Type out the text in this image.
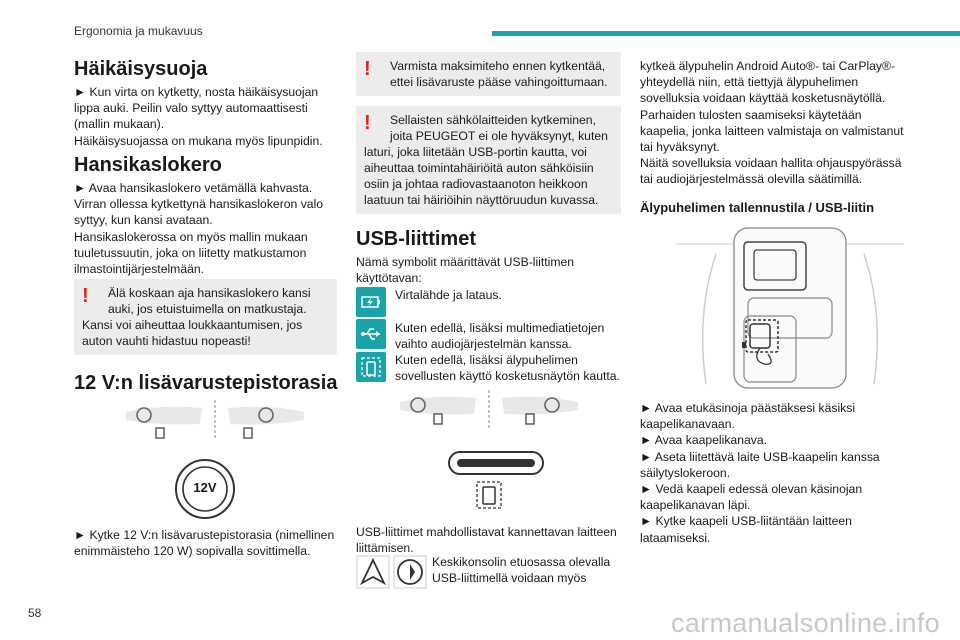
Ergonomia ja mukavuus
Häikäisysuoja

► Kun virta on kytketty, nosta häikäisysuojan

lippa auki. Peilin valo syttyy automaattisesti

(mallin mukaan).

Häikäisysuojassa on mukana myös lipunpidin.

Hansikaslokero

► Avaa hansikaslokero vetämällä kahvasta.

Virran ollessa kytkettynä hansikaslokeron valo

syttyy, kun kansi avataan.

Hansikaslokerossa on myös mallin mukaan

tuuletussuutin, joka on liitetty matkustamon

ilmastointijärjestelmään.

! Älä koskaan aja hansikaslokero kansi
auki, jos etuistuimella on matkustaja.
Kansi voi aiheuttaa loukkaantumisen, jos
auton vauhti hidastuu nopeasti!
12 V:n lisävarustepistorasia
12V

► Kytke 12 V:n lisävarustepistorasia (nimellinen

enimmäisteho 120 W) sopivalla sovittimella.

! Varmista maksimiteho ennen kytkentää,
ettei lisävaruste pääse vahingoittumaan.
! Sellaisten sähkölaitteiden kytkeminen,
joita PEUGEOT ei ole hyväksynyt, kuten
laturi, joka liitetään USB-portin kautta, voi
aiheuttaa toimintahäiriöitä auton sähköisiin
osiin ja johtaa radiovastaanoton heikkoon
laatuun tai häiriöihin näyttöruudun kuvassa.
USB-liittimet

Nämä symbolit määrittävät USB-liittimen

käyttötavan:

Virtalähde ja lataus.

Kuten edellä, lisäksi multimediatietojen

vaihto audiojärjestelmän kanssa.

Kuten edellä, lisäksi älypuhelimen

sovellusten käyttö kosketusnäytön kautta.

USB-liittimet mahdollistavat kannettavan laitteen

liittämisen.

Keskikonsolin etuosassa olevalla

USB-liittimellä voidaan myös

kytkeä älypuhelin Android Auto®- tai CarPlay®-

yhteydellä niin, että tiettyjä älypuhelimen

sovelluksia voidaan käyttää kosketusnäytöllä.

Parhaiden tulosten saamiseksi käytetään

kaapelia, jonka laitteen valmistaja on valmistanut

tai hyväksynyt.

Näitä sovelluksia voidaan hallita ohjauspyörässä

tai audiojärjestelmässä olevilla säätimillä.

Älypuhelimen tallennustila / USB-liitin

► Avaa etukäsinoja päästäksesi käsiksi

kaapelikanavaan.

► Avaa kaapelikanava.

► Aseta liitettävä laite USB-kaapelin kanssa

säilytyslokeroon.

► Vedä kaapeli edessä olevan käsinojan

kaapelikanavan läpi.

► Kytke kaapeli USB-liitäntään laitteen

lataamiseksi.

58	carmanualsonline.info
